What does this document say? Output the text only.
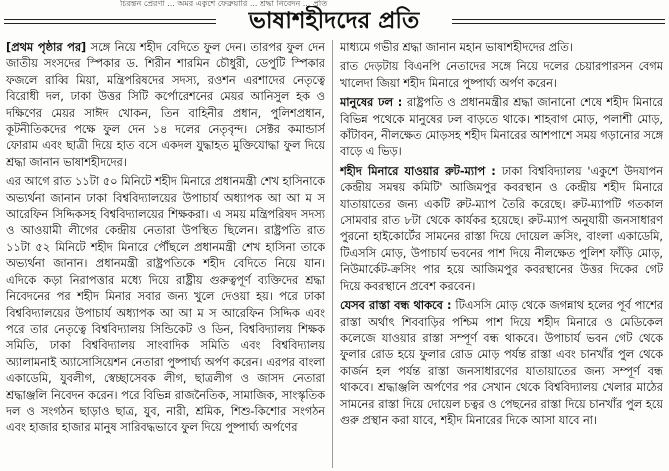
চিরন্তন প্রেরণা ... অমর একুশে ফেব্রুয়ারি ... শ্রদ্ধা নিবেদন ... প্রতি
ভাষাশহীদদের প্রতি

[প্রথম পৃষ্ঠার পর] সঙ্গে নিয়ে শহীদ বেদিতে ফুল দেন। তারপর ফুল দেন জাতীয় সংসদের স্পিকার ড. শিরীন শারমিন চৌধুরী, ডেপুটি স্পিকার ফজলে রাব্বি মিয়া, মন্ত্রিপরিষদের সদস্য, রওশন এরশাদের নেতৃত্বে বিরোধী দল, ঢাকা উত্তর সিটি কর্পোরেশনের মেয়র আনিসুল হক ও দক্ষিণের মেয়র সাঈদ খোকন, তিন বাহিনীর প্রধান, পুলিশপ্রধান, কূটনীতিকদের পক্ষে ফুল দেন ১৪ দলের নেতৃবৃন্দ। সেক্টর কমান্ডার্স ফোরাম এবং ছাত্রী দিয়ে হাত বসে একদল যুদ্ধাহত মুক্তিযোদ্ধা ফুল দিয়ে শ্রদ্ধা জানান ভাষাশহীদদের।

এর আগে রাত ১১টা ৫০ মিনিটে শহীদ মিনারে প্রধানমন্ত্রী শেখ হাসিনাকে অভ্যর্থনা জানান ঢাকা বিশ্ববিদ্যালয়ের উপাচার্য অধ্যাপক আ আ ম স আরেফিন সিদ্দিকসহ বিশ্ববিদ্যালয়ের শিক্ষকরা। এ সময় মন্ত্রিপরিষদ সদস্য ও আওয়ামী লীগের কেন্দ্রীয় নেতারা উপস্থিত ছিলেন। রাষ্ট্রপতি রাত ১১টা ৫২ মিনিটে শহীদ মিনারে পৌঁছলে প্রধানমন্ত্রী শেখ হাসিনা তাকে অভ্যর্থনা জানান। প্রধানমন্ত্রী রাষ্ট্রপতিকে শহীদ বেদিতে নিয়ে যান। এদিকে কড়া নিরাপত্তার মধ্যে দিয়ে রাষ্ট্রীয় গুরুত্বপূর্ণ ব্যক্তিদের শ্রদ্ধা নিবেদনের পর শহীদ মিনার সবার জন্য খুলে দেওয়া হয়। পরে ঢাকা বিশ্ববিদ্যালয়ের উপাচার্য অধ্যাপক আ আ ম স আরেফিন সিদ্দিক এবং পরে তার নেতৃত্বে বিশ্ববিদ্যালয় সিন্ডিকেট ও ডিন, বিশ্ববিদ্যালয় শিক্ষক সমিতি, ঢাকা বিশ্ববিদ্যালয় সাংবাদিক সমিতি এবং বিশ্ববিদ্যালয় অ্যালামনাই অ্যাসোসিয়েশন নেতারা পুষ্পার্ঘ্য অর্পণ করেন। এরপর বাংলা একাডেমি, যুবলীগ, স্বেচ্ছাসেবক লীগ, ছাত্রলীগ ও জাসদ নেতারা শ্রদ্ধাঞ্জলি নিবেদন করেন। পরে বিভিন্ন রাজনৈতিক, সামাজিক, সাংস্কৃতিক দল ও সংগঠন ছাড়াও ছাত্র, যুব, নারী, শ্রমিক, শিশু-কিশোর সংগঠন এবং হাজার হাজার মানুষ সারিবদ্ধভাবে ফুল দিয়ে পুষ্পার্ঘ্য অর্পণের

মাধ্যমে গভীর শ্রদ্ধা জানান মহান ভাষাশহীদদের প্রতি।

রাত দেড়টায় বিএনপি নেতাদের সঙ্গে নিয়ে দলের চেয়ারপারসন বেগম খালেদা জিয়া শহীদ মিনারে পুষ্পার্ঘ্য অর্পণ করেন।

মানুষের ঢল : রাষ্ট্রপতি ও প্রধানমন্ত্রীর শ্রদ্ধা জানানো শেষে শহীদ মিনারে বিভিন্ন পথেকে মানুষের ঢল বাড়তে থাকে। শাহবাগ মোড়, পলাশী মোড়, কাঁটাবন, নীলক্ষেত মোড়সহ শহীদ মিনারের আশপাশে সময় গড়ানোর সঙ্গে বাড়ে এ ভিড়।

শহীদ মিনারে যাওয়ার রুট-ম্যাপ : ঢাকা বিশ্ববিদ্যালয় 'একুশে উদযাপন কেন্দ্রীয় সমন্বয় কমিটি' আজিমপুর কবরস্থান ও কেন্দ্রীয় শহীদ মিনারে যাতায়াতের জন্য একটি রুট-ম্যাপ তৈরি করেছে। রুট-ম্যাপটি গতকাল সোমবার রাত ৮টা থেকে কার্যকর হয়েছে। রুট-ম্যাপ অনুযায়ী জনসাধারণ পুরনো হাইকোর্টের সামনের রাস্তা দিয়ে দোয়েল ক্রসিং, বাংলা একাডেমি, টিএসসি মোড়, উপাচার্য ভবনের পাশ দিয়ে নীলক্ষেত পুলিশ ফাঁড়ি মোড়, নিউমার্কেট-ক্রসিং পার হয়ে আজিমপুর কবরস্থানের উত্তর দিকের গেট দিয়ে কবরস্থানে প্রবেশ করবেন।

যেসব রাস্তা বন্ধ থাকবে : টিএসসি মোড় থেকে জগন্নাথ হলের পূর্ব পাশের রাস্তা অর্থাৎ শিববাড়ির পশ্চিম পাশ দিয়ে শহীদ মিনারে ও মেডিকেল কলেজে যাওয়ার রাস্তা সম্পূর্ণ বন্ধ থাকবে। উপাচার্য ভবন গেট থেকে ফুলার রোড হয়ে ফুলার রোড মোড় পর্যন্ত রাস্তা এবং চানখাঁর পুল থেকে কার্জন হল পর্যন্ত রাস্তা জনসাধারণের যাতায়াতের জন্য সম্পূর্ণ বন্ধ থাকবে। শ্রদ্ধাঞ্জলি অর্পণের পর সেখান থেকে বিশ্ববিদ্যালয় খেলার মাঠের সামনের রাস্তা দিয়ে দোয়েল চত্বর ও পেছনের রাস্তা দিয়ে চানখাঁর পুল হয়ে গুরু প্রস্থান করা যাবে, শহীদ মিনারের দিকে আসা যাবে না।
